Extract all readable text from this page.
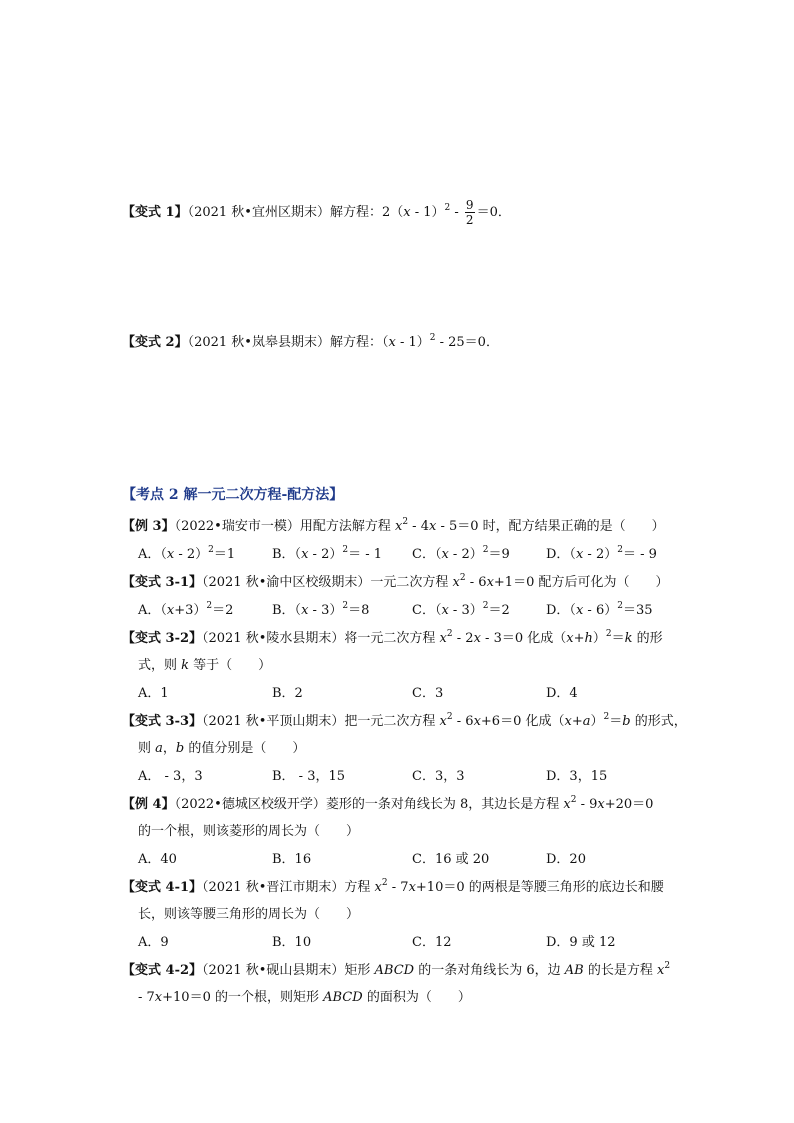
【变式 1】（2021 秋•宜州区期末）解方程：$2(x - 1)^2 - \frac{9}{2} =0$．
【变式 2】（2021 秋•岚皋县期末）解方程：（x - 1）$^2$ - 25＝0．
【考点 2 解一元二次方程-配方法】
【例 3】（2022•瑞安市一模）用配方法解方程 $x^2 - 4x - 5=0$ 时，配方结果正确的是（　　）
A．（x - 2）$^2$＝1	B．（x - 2）$^2$＝ - 1 C．（x - 2）$^2$＝9	D．（x - 2）$^2$＝ - 9
【变式 3-1】（2021 秋•渝中区校级期末）一元二次方程 $x^2 - 6x+1=0$ 配方后可化为（　　）
A．$(x+3)^2=2$	B．（x - 3）$^2$＝8	C．（x - 3）$^2$＝2	D．（x - 6）$^2$＝35
【变式 3-2】（2021 秋•陵水县期末）将一元二次方程 $x^2 - 2x - 3=0$ 化成$(x+h)^2=k$ 的形
式，则 k 等于（　　）
A．1	B．2	C．3	D．4
【变式 3-3】（2021 秋•平顶山期末）把一元二次方程 $x^2 - 6x+6=0$ 化成$(x+a)^2=b$ 的形式，
则 a，b 的值分别是（　　）
A． - 3，3	B． - 3，15	C．3，3	D．3，15
【例 4】（2022•德城区校级开学）菱形的一条对角线长为 8，其边长是方程 $x^2 - 9x+20=0$
的一个根，则该菱形的周长为（　　）
A．40	B．16	C．16 或 20	D．20
【变式 4-1】（2021 秋•晋江市期末）方程 $x^2 - 7x+10=0$ 的两根是等腰三角形的底边长和腰
长，则该等腰三角形的周长为（　　）
A．9	B．10	C．12	D．9 或 12
【变式 4-2】（2021 秋•砚山县期末）矩形 ABCD 的一条对角线长为 6，边 AB 的长是方程 $x^2$
- 7x+10＝0 的一个根，则矩形 ABCD 的面积为（　　）
